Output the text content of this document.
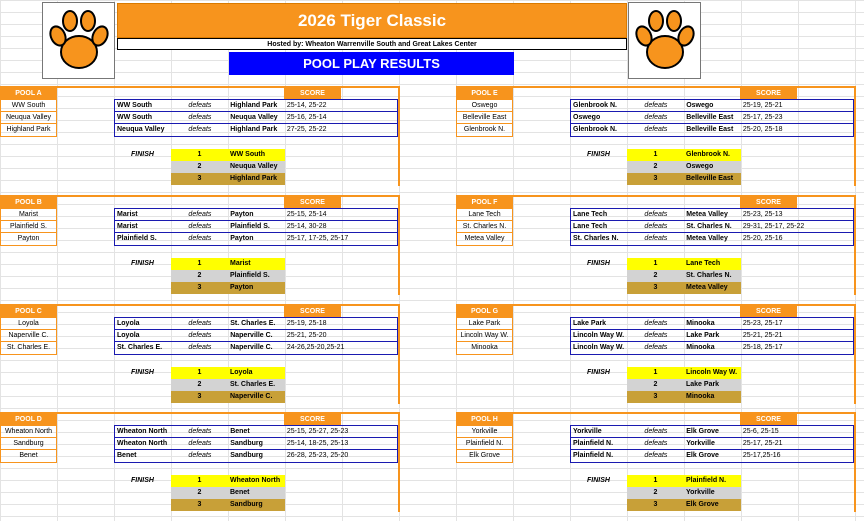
2026 Tiger Classic
Hosted by: Wheaton Warrenville South and Great Lakes Center
POOL PLAY RESULTS
POOL A	SCORE
WW South
Neuqua Valley
Highland Park
WW South	defeats	Highland Park	25-14, 25-22
WW South	defeats	Neuqua Valley	25-16, 25-14
Neuqua Valley	defeats	Highland Park	27-25, 25-22
FINISH	1	WW South
2	Neuqua Valley
3	Highland Park
POOL B	SCORE
Marist
Plainfield S.
Payton
Marist	defeats	Payton	25-15, 25-14
Marist	defeats	Plainfield S.	25-14, 30-28
Plainfield S.	defeats	Payton	25-17, 17-25, 25-17
FINISH	1	Marist
2	Plainfield S.
3	Payton
POOL C	SCORE
Loyola
Naperville C.
St. Charles E.
Loyola	defeats	St. Charles E.	25-19, 25-18
Loyola	defeats	Naperville C.	25-21, 25-20
St. Charles E.	defeats	Naperville C.	24-26,25-20,25-21
FINISH	1	Loyola
2	St. Charles E.
3	Naperville C.
POOL D	SCORE
Wheaton North
Sandburg
Benet
Wheaton North	defeats	Benet	25-15, 25-27, 25-23
Wheaton North	defeats	Sandburg	25-14, 18-25, 25-13
Benet	defeats	Sandburg	26-28, 25-23, 25-20
FINISH	1	Wheaton North
2	Benet
3	Sandburg
POOL E	SCORE
Oswego
Belleville East
Glenbrook N.
Glenbrook N.	defeats	Oswego	25-19, 25-21
Oswego	defeats	Belleville East	25-17, 25-23
Glenbrook N.	defeats	Belleville East	25-20, 25-18
FINISH	1	Glenbrook N.
2	Oswego
3	Belleville East
POOL F	SCORE
Lane Tech
St. Charles N.
Metea Valley
Lane Tech	defeats	Metea Valley	25-23, 25-13
Lane Tech	defeats	St. Charles N.	29-31, 25-17, 25-22
St. Charles N.	defeats	Metea Valley	25-20, 25-16
FINISH	1	Lane Tech
2	St. Charles N.
3	Metea Valley
POOL G	SCORE
Lake Park
Lincoln Way W.
Minooka
Lake Park	defeats	Minooka	25-23, 25-17
Lincoln Way W.	defeats	Lake Park	25-21, 25-21
Lincoln Way W.	defeats	Minooka	25-18, 25-17
FINISH	1	Lincoln Way W.
2	Lake Park
3	Minooka
POOL H	SCORE
Yorkville
Plainfield N.
Elk Grove
Yorkville	defeats	Elk Grove	25-6, 25-15
Plainfield N.	defeats	Yorkville	25-17, 25-21
Plainfield N.	defeats	Elk Grove	25-17,25-16
FINISH	1	Plainfield N.
2	Yorkville
3	Elk Grove
